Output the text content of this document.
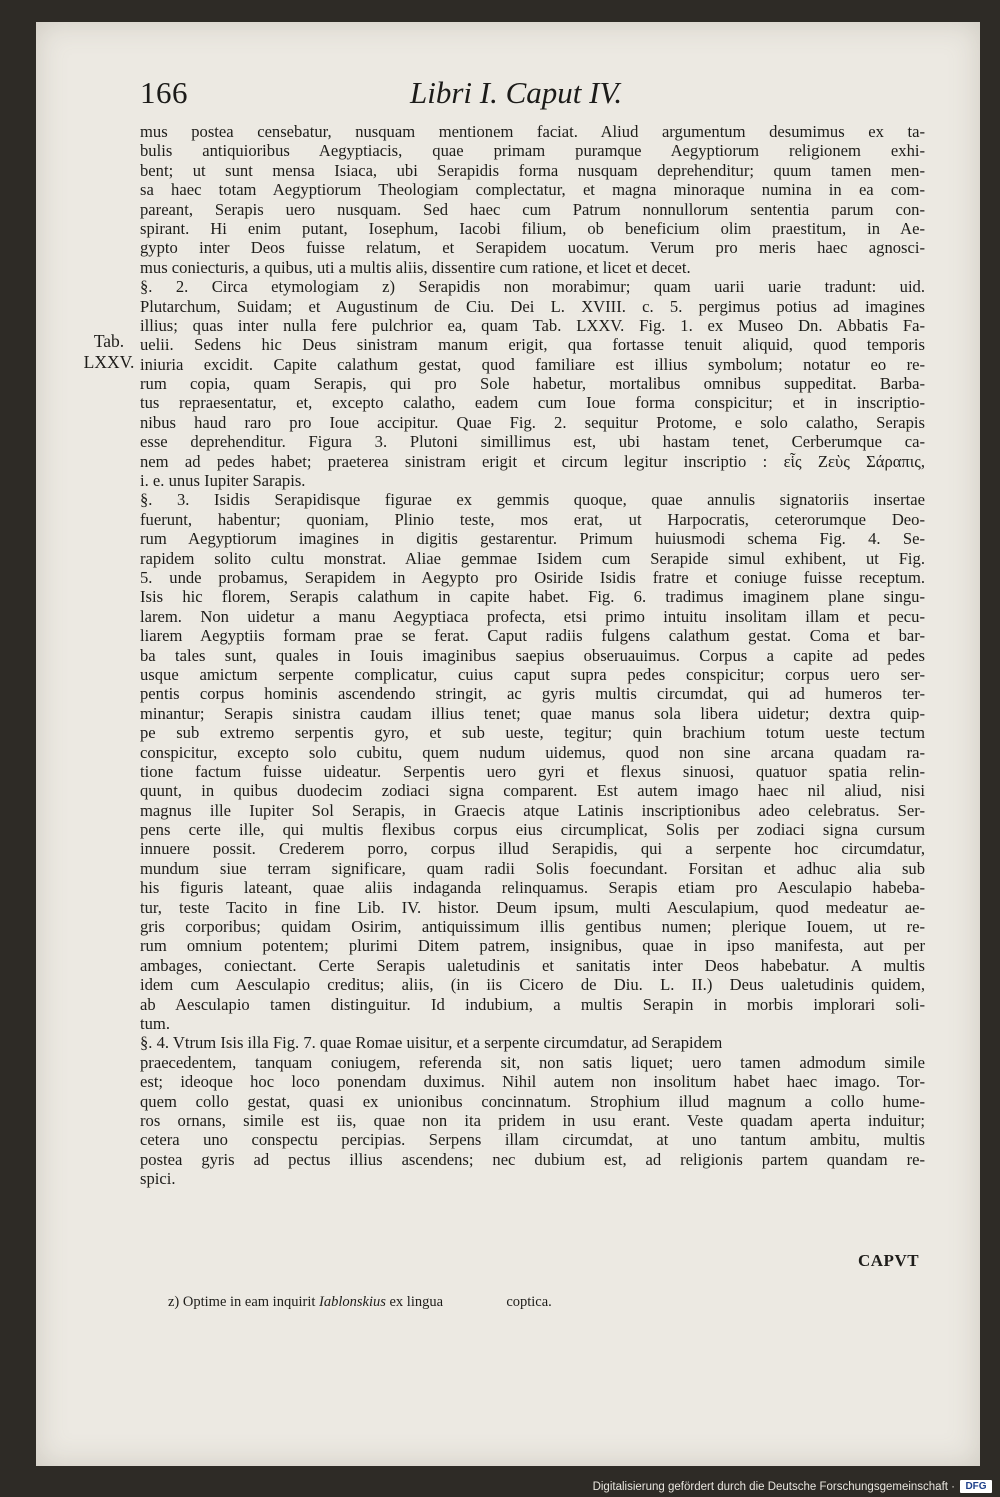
166	Libri I. Caput IV.
Tab.
LXXV.
mus postea censebatur, nusquam mentionem faciat. Aliud argumentum desumimus ex ta-
bulis antiquioribus Aegyptiacis, quae primam puramque Aegyptiorum religionem exhi-
bent; ut sunt mensa Isiaca, ubi Serapidis forma nusquam deprehenditur; quum tamen men-
sa haec totam Aegyptiorum Theologiam complectatur, et magna minoraque numina in ea com-
pareant, Serapis uero nusquam. Sed haec cum Patrum nonnullorum sententia parum con-
spirant. Hi enim putant, Iosephum, Iacobi filium, ob beneficium olim praestitum, in Ae-
gypto inter Deos fuisse relatum, et Serapidem uocatum. Verum pro meris haec agnosci-
mus coniecturis, a quibus, uti a multis aliis, dissentire cum ratione, et licet et decet.
§. 2. Circa etymologiam z) Serapidis non morabimur; quam uarii uarie tradunt: uid.
Plutarchum, Suidam; et Augustinum de Ciu. Dei L. XVIII. c. 5. pergimus potius ad imagines
illius; quas inter nulla fere pulchrior ea, quam Tab. LXXV. Fig. 1. ex Museo Dn. Abbatis Fa-
uelii. Sedens hic Deus sinistram manum erigit, qua fortasse tenuit aliquid, quod temporis
iniuria excidit. Capite calathum gestat, quod familiare est illius symbolum; notatur eo re-
rum copia, quam Serapis, qui pro Sole habetur, mortalibus omnibus suppeditat. Barba-
tus repraesentatur, et, excepto calatho, eadem cum Ioue forma conspicitur; et in inscriptio-
nibus haud raro pro Ioue accipitur. Quae Fig. 2. sequitur Protome, e solo calatho, Serapis
esse deprehenditur. Figura 3. Plutoni simillimus est, ubi hastam tenet, Cerberumque ca-
nem ad pedes habet; praeterea sinistram erigit et circum legitur inscriptio : εἷς Ζεὺς Σάραπις,
i. e. unus Iupiter Sarapis.
§. 3. Isidis Serapidisque figurae ex gemmis quoque, quae annulis signatoriis insertae
fuerunt, habentur; quoniam, Plinio teste, mos erat, ut Harpocratis, ceterorumque Deo-
rum Aegyptiorum imagines in digitis gestarentur. Primum huiusmodi schema Fig. 4. Se-
rapidem solito cultu monstrat. Aliae gemmae Isidem cum Serapide simul exhibent, ut Fig.
5. unde probamus, Serapidem in Aegypto pro Osiride Isidis fratre et coniuge fuisse receptum.
Isis hic florem, Serapis calathum in capite habet. Fig. 6. tradimus imaginem plane singu-
larem. Non uidetur a manu Aegyptiaca profecta, etsi primo intuitu insolitam illam et pecu-
liarem Aegyptiis formam prae se ferat. Caput radiis fulgens calathum gestat. Coma et bar-
ba tales sunt, quales in Iouis imaginibus saepius obseruauimus. Corpus a capite ad pedes
usque amictum serpente complicatur, cuius caput supra pedes conspicitur; corpus uero ser-
pentis corpus hominis ascendendo stringit, ac gyris multis circumdat, qui ad humeros ter-
minantur; Serapis sinistra caudam illius tenet; quae manus sola libera uidetur; dextra quip-
pe sub extremo serpentis gyro, et sub ueste, tegitur; quin brachium totum ueste tectum
conspicitur, excepto solo cubitu, quem nudum uidemus, quod non sine arcana quadam ra-
tione factum fuisse uideatur. Serpentis uero gyri et flexus sinuosi, quatuor spatia relin-
quunt, in quibus duodecim zodiaci signa comparent. Est autem imago haec nil aliud, nisi
magnus ille Iupiter Sol Serapis, in Graecis atque Latinis inscriptionibus adeo celebratus. Ser-
pens certe ille, qui multis flexibus corpus eius circumplicat, Solis per zodiaci signa cursum
innuere possit. Crederem porro, corpus illud Serapidis, qui a serpente hoc circumdatur,
mundum siue terram significare, quam radii Solis foecundant. Forsitan et adhuc alia sub
his figuris lateant, quae aliis indaganda relinquamus. Serapis etiam pro Aesculapio habeba-
tur, teste Tacito in fine Lib. IV. histor. Deum ipsum, multi Aesculapium, quod medeatur ae-
gris corporibus; quidam Osirim, antiquissimum illis gentibus numen; plerique Iouem, ut re-
rum omnium potentem; plurimi Ditem patrem, insignibus, quae in ipso manifesta, aut per
ambages, coniectant. Certe Serapis ualetudinis et sanitatis inter Deos habebatur. A multis
idem cum Aesculapio creditus; aliis, (in iis Cicero de Diu. L. II.) Deus ualetudinis quidem,
ab Aesculapio tamen distinguitur. Id indubium, a multis Serapin in morbis implorari soli-
tum.
§. 4. Vtrum Isis illa Fig. 7. quae Romae uisitur, et a serpente circumdatur, ad Serapidem
praecedentem, tanquam coniugem, referenda sit, non satis liquet; uero tamen admodum simile
est; ideoque hoc loco ponendam duximus. Nihil autem non insolitum habet haec imago. Tor-
quem collo gestat, quasi ex unionibus concinnatum. Strophium illud magnum a collo hume-
ros ornans, simile est iis, quae non ita pridem in usu erant. Veste quadam aperta induitur;
cetera uno conspectu percipias. Serpens illam circumdat, at uno tantum ambitu, multis
postea gyris ad pectus illius ascendens; nec dubium est, ad religionis partem quandam re-
spici.
CAPVT
z) Optime in eam inquirit Iablonskius ex lingua	coptica.
Digitalisierung gefördert durch die Deutsche Forschungsgemeinschaft ·	DFG
